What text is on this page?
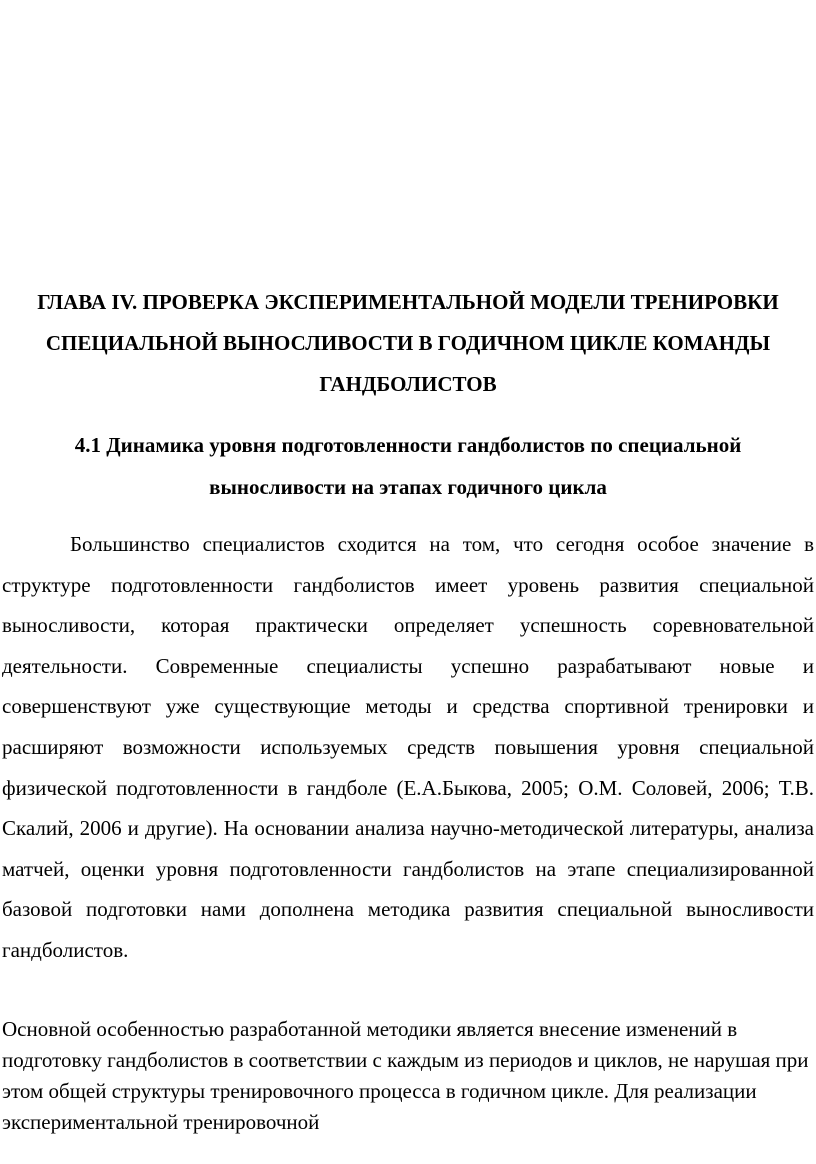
ГЛАВА IV. ПРОВЕРКА ЭКСПЕРИМЕНТАЛЬНОЙ МОДЕЛИ ТРЕНИРОВКИ СПЕЦИАЛЬНОЙ ВЫНОСЛИВОСТИ В ГОДИЧНОМ ЦИКЛЕ КОМАНДЫ ГАНДБОЛИСТОВ
4.1 Динамика уровня подготовленности гандболистов по специальной выносливости на этапах годичного цикла

Большинство специалистов сходится на том, что сегодня особое значение в структуре подготовленности гандболистов имеет уровень развития специальной выносливости, которая практически определяет успешность соревновательной деятельности. Современные специалисты успешно разрабатывают новые и совершенствуют уже существующие методы и средства спортивной тренировки и расширяют возможности используемых средств повышения уровня специальной физической подготовленности в гандболе (Е.А.Быкова, 2005; О.М. Соловей, 2006; Т.В. Скалий, 2006 и другие). На основании анализа научно-методической литературы, анализа матчей, оценки уровня подготовленности гандболистов на этапе специализированной базовой подготовки нами дополнена методика развития специальной выносливости гандболистов.

Основной особенностью разработанной методики является внесение изменений в подготовку гандболистов в соответствии с каждым из периодов и циклов, не нарушая при этом общей структуры тренировочного процесса в годичном цикле. Для реализации экспериментальной тренировочной
